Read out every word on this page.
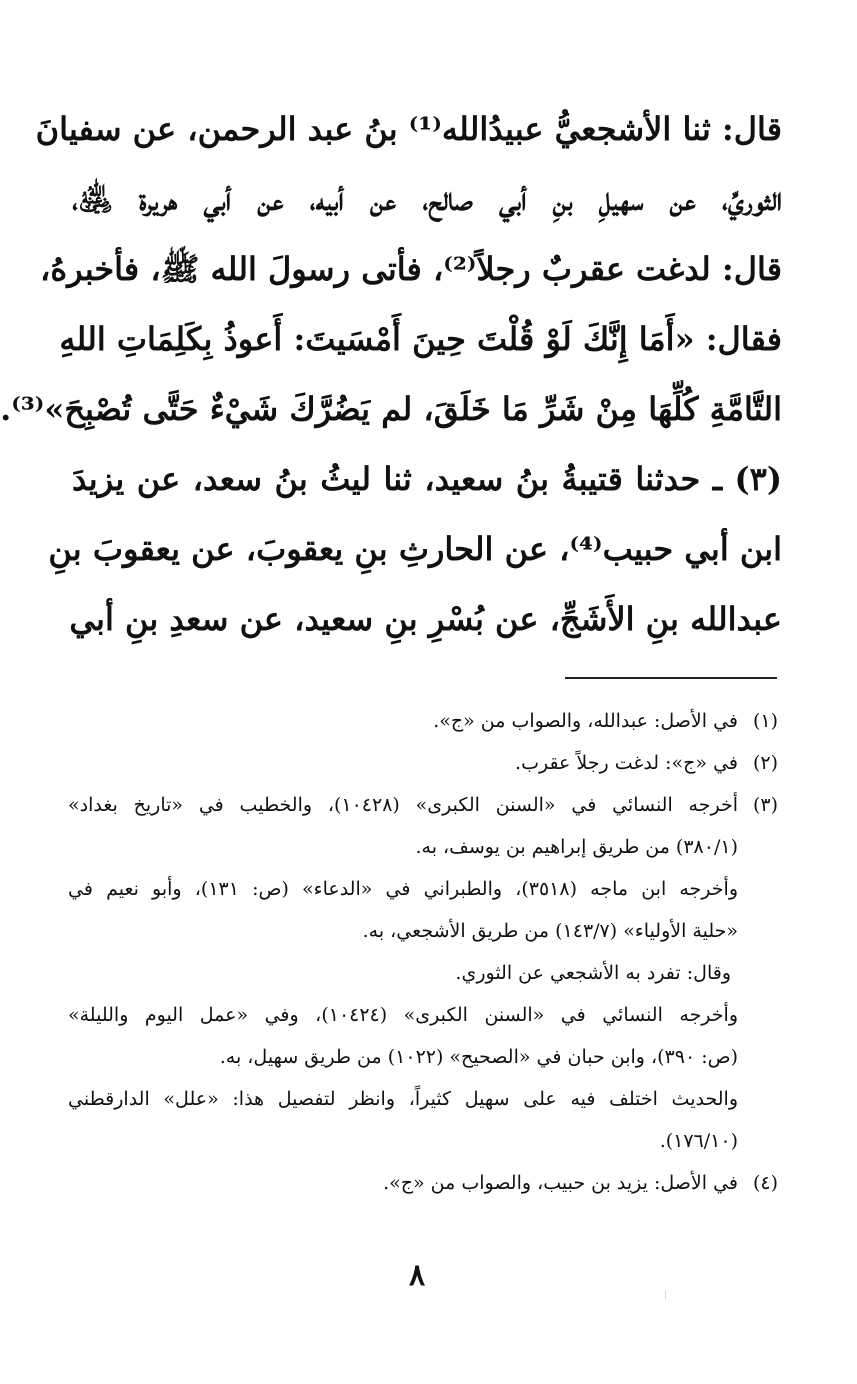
قال: ثنا الأشجعيُّ عبيدُالله⁽¹⁾ بنُ عبد الرحمن، عن سفيانَ
الثوريِّ، عن سهيلِ بنِ أبي صالح، عن أبيه، عن أبي هريرة ﵁،
قال: لدغت عقربٌ رجلاً⁽²⁾، فأتى رسولَ الله ﷺ، فأخبرهُ،
فقال: «أَمَا إِنَّكَ لَوْ قُلْتَ حِينَ أَمْسَيتَ: أَعوذُ بِكَلِمَاتِ اللهِ
التَّامَّةِ كُلِّهَا مِنْ شَرِّ مَا خَلَقَ، لم يَضُرَّكَ شَيْءٌ حَتَّى تُصْبِحَ»⁽³⁾.
(٣) ـ حدثنا قتيبةُ بنُ سعيد، ثنا ليثُ بنُ سعد، عن يزيدَ
ابن أبي حبيب⁽⁴⁾، عن الحارثِ بنِ يعقوبَ، عن يعقوبَ بنِ
عبدالله بنِ الأَشَجِّ، عن بُسْرِ بنِ سعيد، عن سعدِ بنِ أبي
(١)في الأصل: عبدالله، والصواب من «ج».
(٢)في «ج»: لدغت رجلاً عقرب.
(٣)أخرجه النسائي في «السنن الكبرى» (١٠٤٢٨)، والخطيب في «تاريخ بغداد»
(٣٨٠/١) من طريق إبراهيم بن يوسف، به.
وأخرجه ابن ماجه (٣٥١٨)، والطبراني في «الدعاء» (ص: ١٣١)، وأبو نعيم في
«حلية الأولياء» (١٤٣/٧) من طريق الأشجعي، به.
وقال: تفرد به الأشجعي عن الثوري.
وأخرجه النسائي في «السنن الكبرى» (١٠٤٢٤)، وفي «عمل اليوم والليلة»
(ص: ٣٩٠)، وابن حبان في «الصحيح» (١٠٢٢) من طريق سهيل، به.
والحديث اختلف فيه على سهيل كثيراً، وانظر لتفصيل هذا: «علل» الدارقطني
(١٧٦/١٠).
(٤)في الأصل: يزيد بن حبيب، والصواب من «ج».
٨
